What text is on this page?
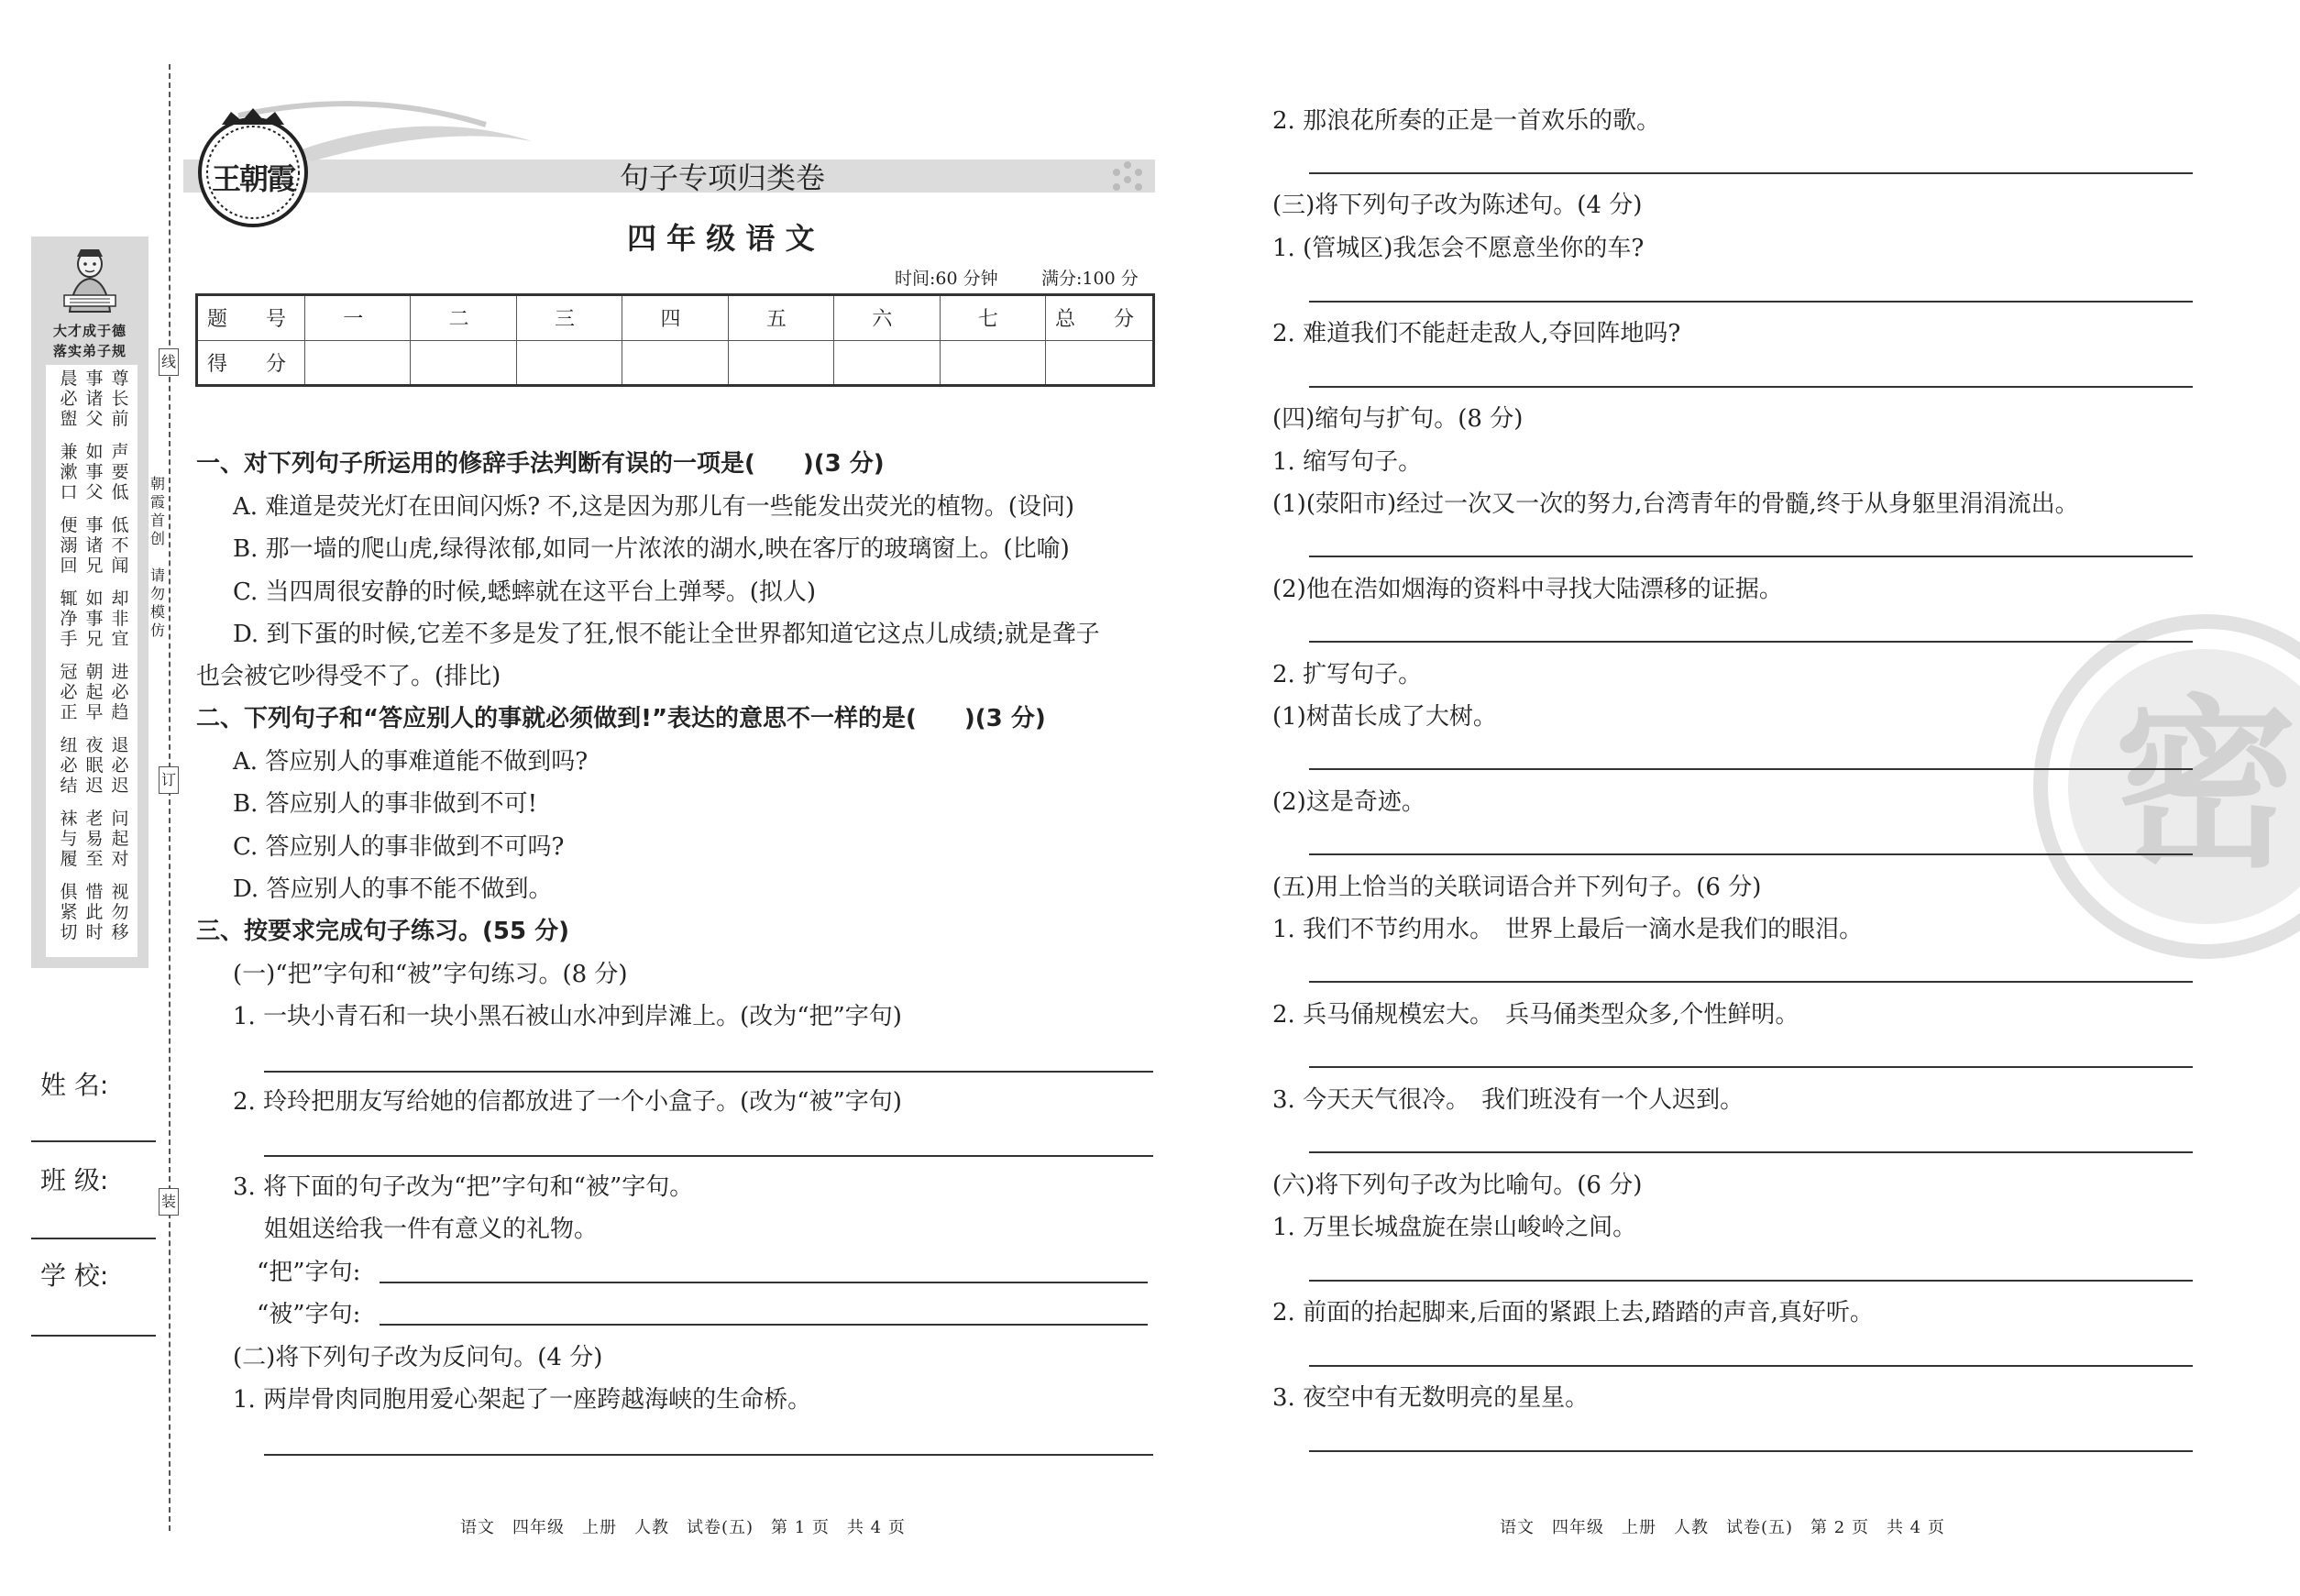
线
订
装
朝霞首创
请勿模仿
大才成于德
落实弟子规
晨必盥
事诸父
尊长前
兼漱口
如事父
声要低
便溺回
事诸兄
低不闻
辄净手
如事兄
却非宜
冠必正
朝起早
进必趋
纽必结
夜眠迟
退必迟
袜与履
老易至
问起对
俱紧切
惜此时
视勿移
姓 名:
班 级:
学 校:
王朝霞	句子专项归类卷
四 年 级 语 文
时间:60 分钟 满分:100 分
题　号	一	二	三	四	五	六	七	总　分
得　分								
一、对下列句子所运用的修辞手法判断有误的一项是(　　)(3 分)
A. 难道是荧光灯在田间闪烁? 不,这是因为那儿有一些能发出荧光的植物。(设问)
B. 那一墙的爬山虎,绿得浓郁,如同一片浓浓的湖水,映在客厅的玻璃窗上。(比喻)
C. 当四周很安静的时候,蟋蟀就在这平台上弹琴。(拟人)
D. 到下蛋的时候,它差不多是发了狂,恨不能让全世界都知道它这点儿成绩;就是聋子
也会被它吵得受不了。(排比)
二、下列句子和“答应别人的事就必须做到!”表达的意思不一样的是(　　)(3 分)
A. 答应别人的事难道能不做到吗?
B. 答应别人的事非做到不可!
C. 答应别人的事非做到不可吗?
D. 答应别人的事不能不做到。
三、按要求完成句子练习。(55 分)
(一)“把”字句和“被”字句练习。(8 分)
1. 一块小青石和一块小黑石被山水冲到岸滩上。(改为“把”字句)
2. 玲玲把朋友写给她的信都放进了一个小盒子。(改为“被”字句)
3. 将下面的句子改为“把”字句和“被”字句。
姐姐送给我一件有意义的礼物。
“把”字句:
“被”字句:
(二)将下列句子改为反问句。(4 分)
1. 两岸骨肉同胞用爱心架起了一座跨越海峡的生命桥。
语文　四年级　上册　人教　试卷(五)　第 1 页　共 4 页
密
2. 那浪花所奏的正是一首欢乐的歌。
(三)将下列句子改为陈述句。(4 分)
1. (管城区)我怎会不愿意坐你的车?
2. 难道我们不能赶走敌人,夺回阵地吗?
(四)缩句与扩句。(8 分)
1. 缩写句子。
(1)(荥阳市)经过一次又一次的努力,台湾青年的骨髓,终于从身躯里涓涓流出。
(2)他在浩如烟海的资料中寻找大陆漂移的证据。
2. 扩写句子。
(1)树苗长成了大树。
(2)这是奇迹。
(五)用上恰当的关联词语合并下列句子。(6 分)
1. 我们不节约用水。　世界上最后一滴水是我们的眼泪。
2. 兵马俑规模宏大。　兵马俑类型众多,个性鲜明。
3. 今天天气很冷。　我们班没有一个人迟到。
(六)将下列句子改为比喻句。(6 分)
1. 万里长城盘旋在崇山峻岭之间。
2. 前面的抬起脚来,后面的紧跟上去,踏踏的声音,真好听。
3. 夜空中有无数明亮的星星。
语文　四年级　上册　人教　试卷(五)　第 2 页　共 4 页
